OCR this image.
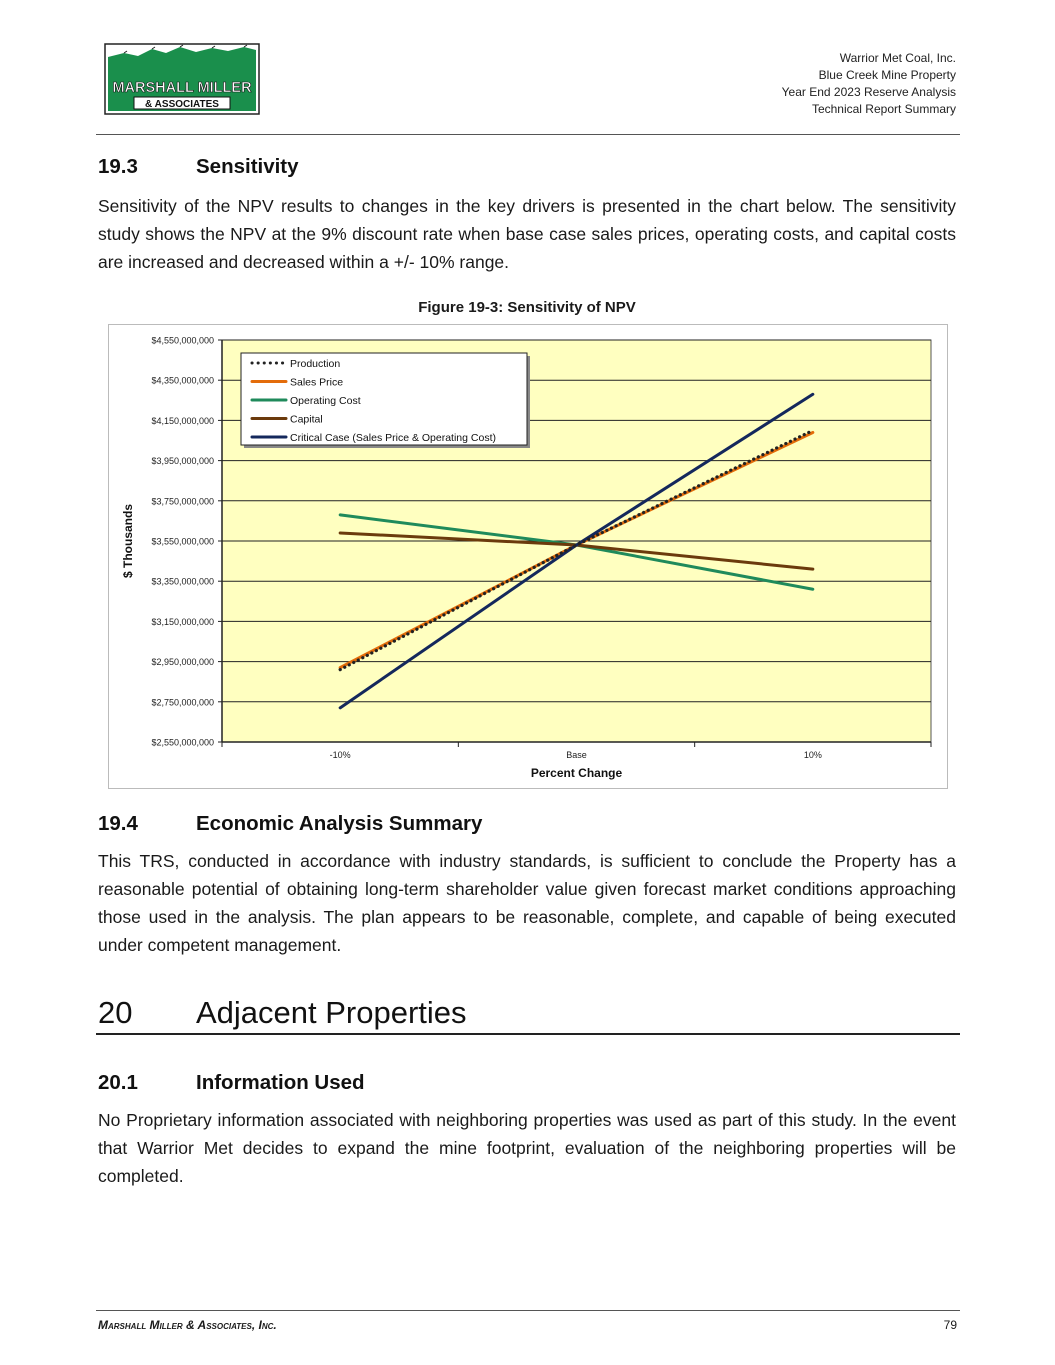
MARSHALL MILLER
& ASSOCIATES
Warrior Met Coal, Inc.
Blue Creek Mine Property
Year End 2023 Reserve Analysis
Technical Report Summary
19.3	Sensitivity
Sensitivity of the NPV results to changes in the key drivers is presented in the chart below. The sensitivity study shows the NPV at the 9% discount rate when base case sales prices, operating costs, and capital costs are increased and decreased within a +/- 10% range.
Figure 19-3: Sensitivity of NPV
$2,550,000,000
$2,750,000,000
$2,950,000,000
$3,150,000,000
$3,350,000,000
$3,550,000,000
$3,750,000,000
$3,950,000,000
$4,150,000,000
$4,350,000,000
$4,550,000,000
-10%	Base	10%
Percent Change
$ Thousands
Production
Sales Price
Operating Cost
Capital
Critical Case (Sales Price & Operating Cost)
19.4	Economic Analysis Summary
This TRS, conducted in accordance with industry standards, is sufficient to conclude the Property has a reasonable potential of obtaining long-term shareholder value given forecast market conditions approaching those used in the analysis. The plan appears to be reasonable, complete, and capable of being executed under competent management.
20 Adjacent Properties
20.1	Information Used
No Proprietary information associated with neighboring properties was used as part of this study. In the event that Warrior Met decides to expand the mine footprint, evaluation of the neighboring properties will be completed.
Marshall Miller & Associates, Inc.	79
